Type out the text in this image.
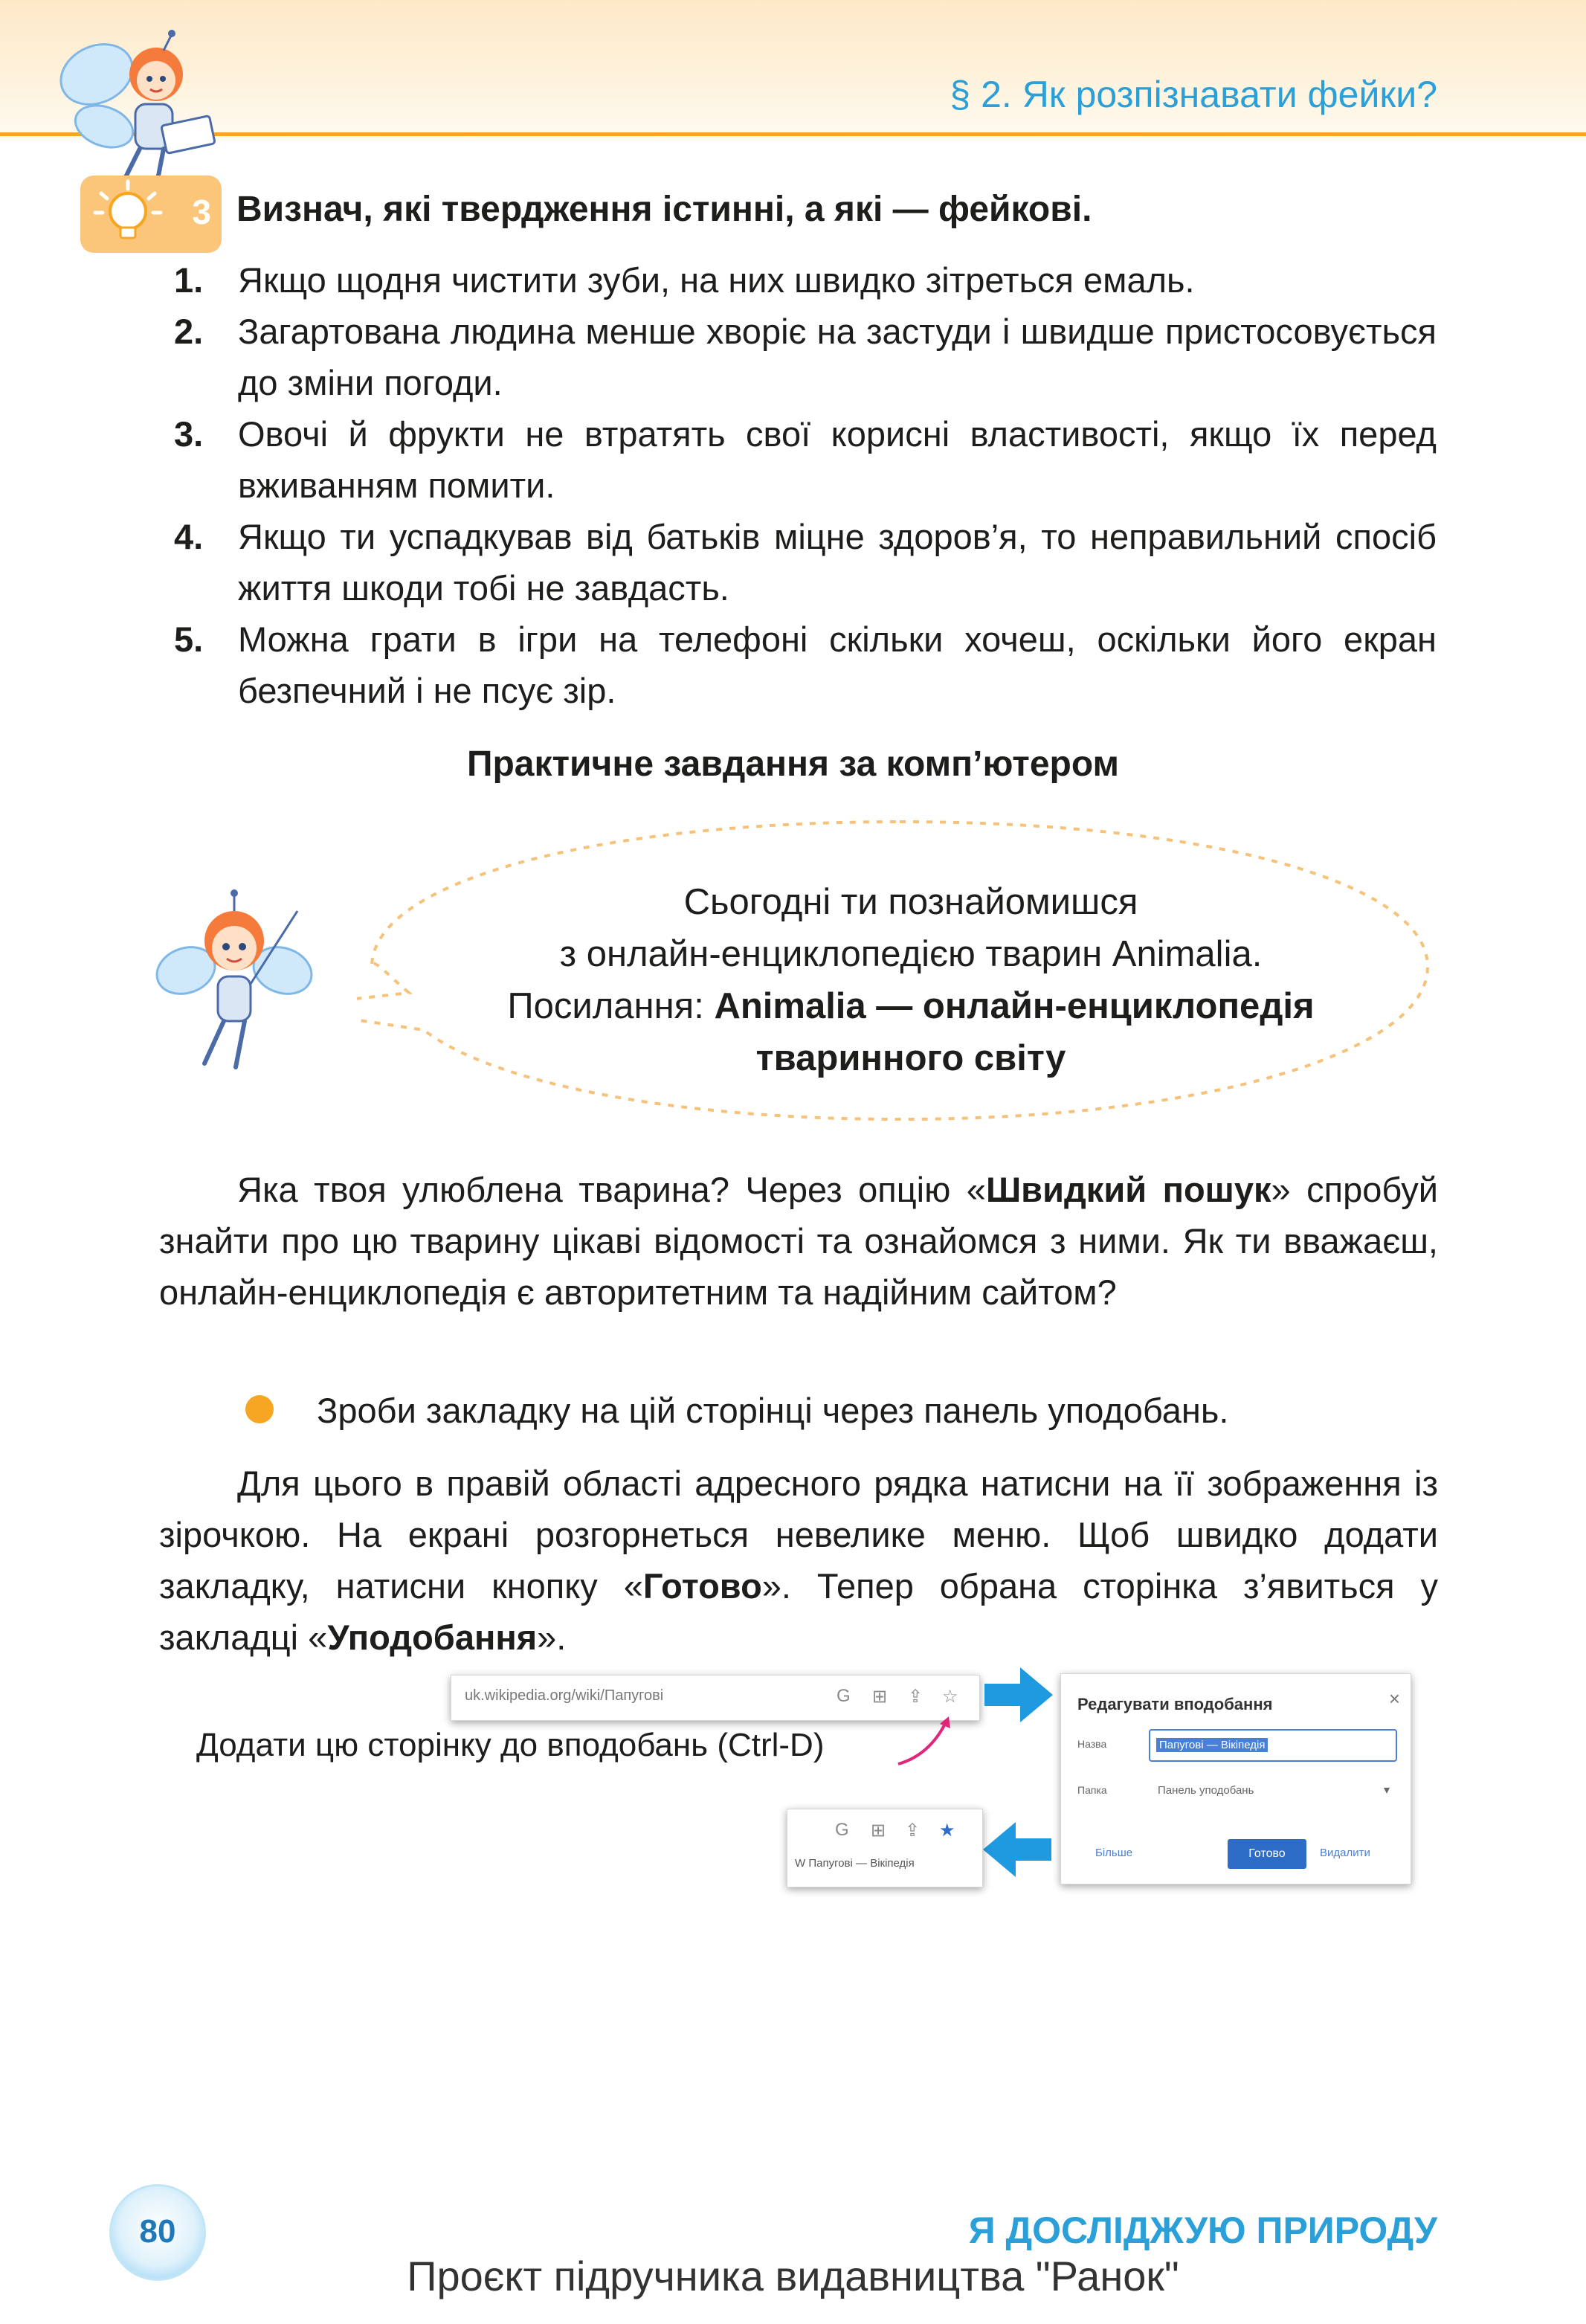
§ 2. Як розпізнавати фейки?
3 Визнач, які твердження істинні, а які — фейкові.
1. Якщо щодня чистити зуби, на них швидко зітреться емаль.
2. Загартована людина менше хворіє на застуди і швидше пристосовується до зміни погоди.
3. Овочі й фрукти не втратять свої корисні властивості, якщо їх перед вживанням помити.
4. Якщо ти успадкував від батьків міцне здоров’я, то неправильний спосіб життя шкоди тобі не завдасть.
5. Можна грати в ігри на телефоні скільки хочеш, оскільки його екран безпечний і не псує зір.
Практичне завдання за комп’ютером
Сьогодні ти познайомишся
з онлайн-енциклопедією тварин Animalia.
Посилання: Animalia — онлайн-енциклопедія тваринного світу

Яка твоя улюблена тварина? Через опцію «Швидкий пошук» спробуй знайти про цю тварину цікаві відомості та ознайомся з ними. Як ти вважаєш, онлайн-енциклопедія є авторитетним та надійним сайтом?

Зроби закладку на цій сторінці через панель уподобань.

Для цього в правій області адресного рядка натисни на її зображення із зірочкою. На екрані розгорнеться невелике меню. Щоб швидко додати закладку, натисни кнопку «Готово». Тепер обрана сторінка з’явиться у закладці «Уподобання».

uk.wikipedia.org/wiki/Папугові	G ⊞ ⇪ ☆
Додати цю сторінку до вподобань (Ctrl-D)
Редагувати вподобання	×
Назва	Папугові — Вікіпедія
Папка	Панель уподобань	▾
Більше	Готово	Видалити
G ⊞ ⇪ ★
W Папугові — Вікіпедія
80	Я ДОСЛІДЖУЮ ПРИРОДУ
Проєкт підручника видавництва "Ранок"
